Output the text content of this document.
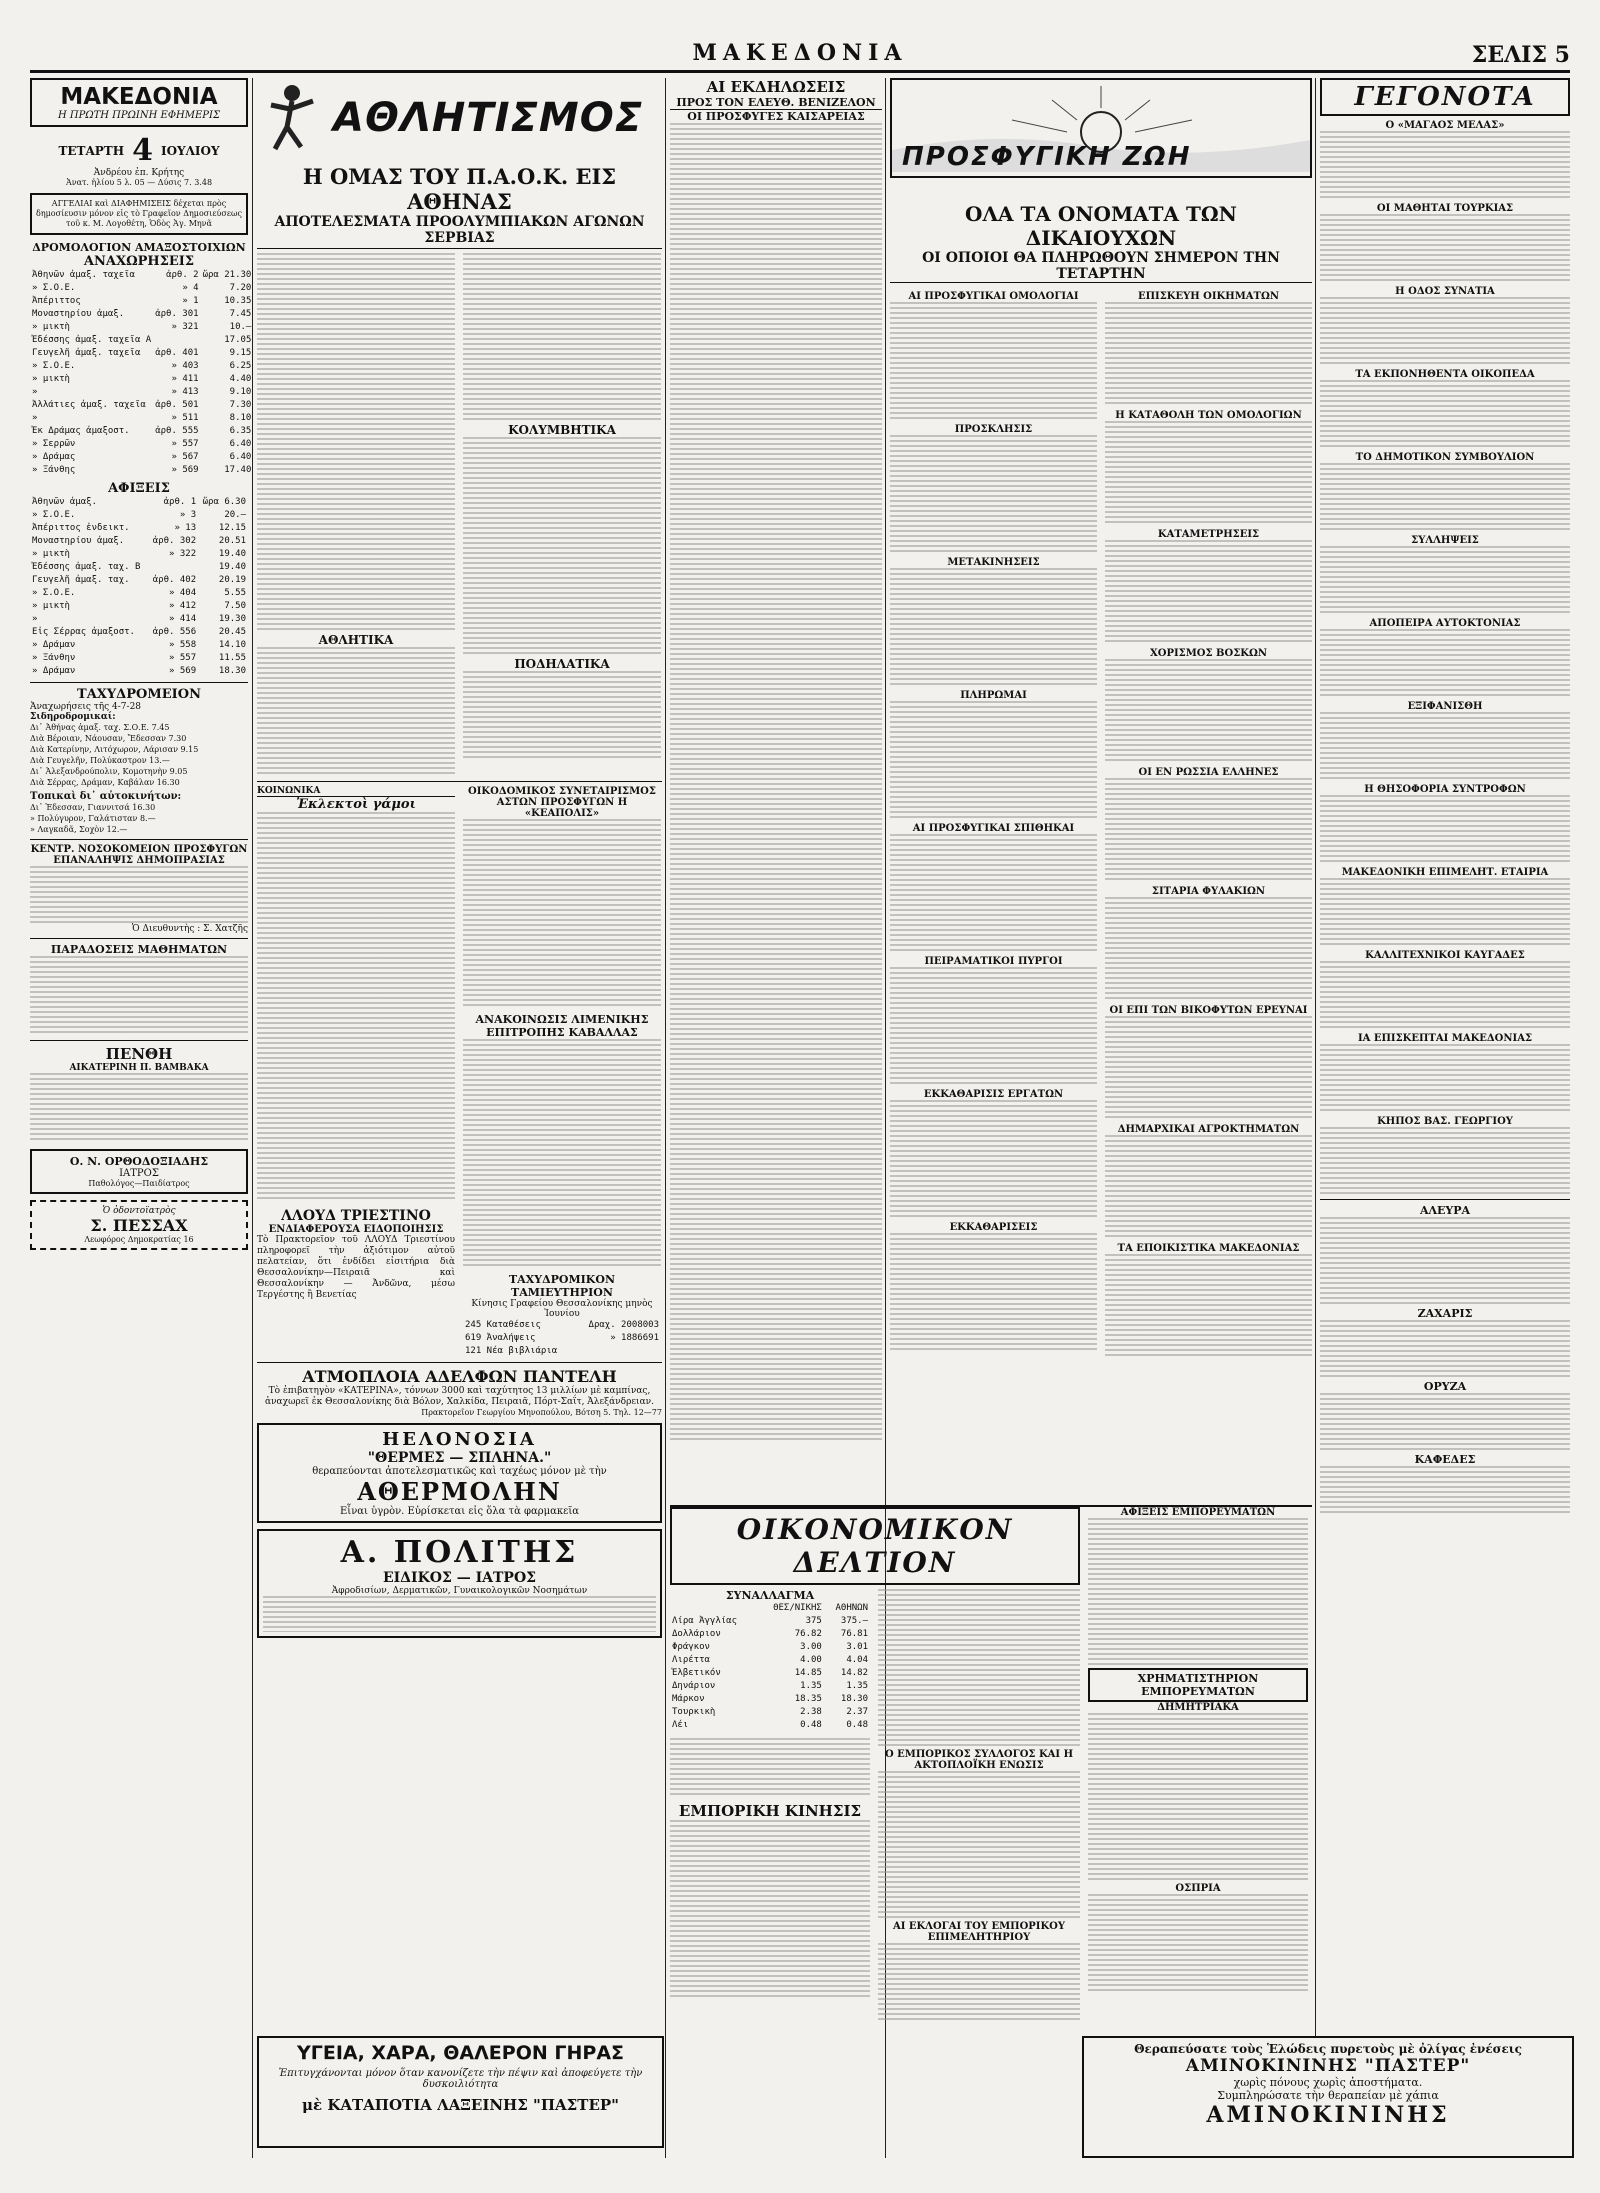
ΜΑΚΕΔΟΝΙΑ	ΣΕΛΙΣ 5
ΜΑΚΕΔΟΝΙΑ
Η ΠΡΩΤΗ ΠΡΩΙΝΗ ΕΦΗΜΕΡΙΣ
ΤΕΤΑΡΤΗ 4 ΙΟΥΛΙΟΥ
Ἀνδρέου ἐπ. Κρήτης
Ἀνατ. ἡλίου 5 λ. 05 — Δύσις 7. 3.48
ΑΓΓΕΛΙΑΙ καὶ ΔΙΑΦΗΜΙΣΕΙΣ δέχεται πρὸς δημοσίευσιν μόνον εἰς τὸ Γραφεῖον Δημοσιεύσεως τοῦ κ. Μ. Λογοθέτη, Ὁδὸς Ἁγ. Μηνᾶ
ΔΡΟΜΟΛΟΓΙΟΝ ΑΜΑΞΟΣΤΟΙΧΙΩΝ
ΑΝΑΧΩΡΗΣΕΙΣ
Ἀθηνῶν ἀμαξ. ταχεῖα	ἀρθ. 2	ὥρα 21.30
» Σ.Ο.Ε.	» 4	7.20
Ἀπέριττος	» 1	10.35
Μοναστηρίου ἀμαξ.	ἀρθ. 301	7.45
» μικτὴ	» 321	10.—
Ἐδέσσης ἀμαξ. ταχεῖα Α		17.05
Γευγελῆ ἀμαξ. ταχεῖα	ἀρθ. 401	9.15
» Σ.Ο.Ε.	» 403	6.25
» μικτὴ	» 411	4.40
»	» 413	9.10
Ἀλλάτιες ἀμαξ. ταχεῖα	ἀρθ. 501	7.30
»	» 511	8.10
Ἐκ Δράμας ἀμαξοστ.	ἀρθ. 555	6.35
» Σερρῶν	» 557	6.40
» Δράμας	» 567	6.40
» Ξάνθης	» 569	17.40
ΑΦΙΞΕΙΣ
Ἀθηνῶν ἀμαξ.	ἀρθ. 1	ὥρα 6.30
» Σ.Ο.Ε.	» 3	20.—
Ἀπέριττος ἐνδεικτ.	» 13	12.15
Μοναστηρίου ἀμαξ.	ἀρθ. 302	20.51
» μικτὴ	» 322	19.40
Ἐδέσσης ἀμαξ. ταχ. Β		19.40
Γευγελῆ ἀμαξ. ταχ.	ἀρθ. 402	20.19
» Σ.Ο.Ε.	» 404	5.55
» μικτὴ	» 412	7.50
»	» 414	19.30
Εἰς Σέρρας ἀμαξοστ.	ἀρθ. 556	20.45
» Δράμαν	» 558	14.10
» Ξάνθην	» 557	11.55
» Δράμαν	» 569	18.30
ΤΑΧΥΔΡΟΜΕΙΟΝ
Ἀναχωρήσεις τῆς 4-7-28
Σιδηροδρομικαί:
Δι᾽ Ἀθήνας ἀμαξ. ταχ. Σ.Ο.Ε. 7.45
Διὰ Βέροιαν, Νάουσαν, Ἔδεσσαν 7.30
Διὰ Κατερίνην, Λιτόχωρον, Λάρισαν 9.15
Διὰ Γευγελῆν, Πολύκαστρον 13.—
Δι᾽ Ἀλεξανδρούπολιν, Κομοτηνὴν 9.05
Διὰ Σέρρας, Δράμαν, Καβάλαν 16.30
Τοπικαὶ δι᾽ αὐτοκινήτων:
Δι᾽ Ἐδεσσαν, Γιαννιτσά 16.30
» Πολύγυρον, Γαλάτισταν 8.—
» Λαγκαδᾶ, Σοχὸν 12.—
ΚΕΝΤΡ. ΝΟΣΟΚΟΜΕΙΟΝ ΠΡΟΣΦΥΓΩΝ
ΕΠΑΝΑΛΗΨΙΣ ΔΗΜΟΠΡΑΣΙΑΣ
Ὁ Διευθυντὴς : Σ. Χατζῆς
ΠΑΡΑΔΟΣΕΙΣ ΜΑΘΗΜΑΤΩΝ
ΠΕΝΘΗ
ΑΙΚΑΤΕΡΙΝΗ Π. ΒΑΜΒΑΚΑ
Ο. Ν. ΟΡΘΟΔΟΞΙΑΔΗΣ
ΙΑΤΡΟΣ
Παθολόγος—Παιδίατρος
Ὁ ὀδοντοϊατρὸς
Σ. ΠΕΣΣΑΧ
Λεωφόρος Δημοκρατίας 16
ΑΘΛΗΤΙΣΜΟΣ
Η ΟΜΑΣ ΤΟΥ Π.Α.Ο.Κ. ΕΙΣ ΑΘΗΝΑΣ
ΑΠΟΤΕΛΕΣΜΑΤΑ ΠΡΟΟΛΥΜΠΙΑΚΩΝ ΑΓΩΝΩΝ ΣΕΡΒΙΑΣ
ΑΘΛΗΤΙΚΑ
ΚΟΛΥΜΒΗΤΙΚΑ
ΠΟΔΗΛΑΤΙΚΑ
ΚΟΙΝΩΝΙΚΑ
Ἐκλεκτοὶ γάμοι
ΛΛΟΥΔ ΤΡΙΕΣΤΙΝΟ
ΕΝΔΙΑΦΕΡΟΥΣΑ ΕΙΔΟΠΟΙΗΣΙΣ
Τὸ Πρακτορεῖον τοῦ ΛΛΟΥΔ Τριεστίνου πληροφορεῖ τὴν ἀξιότιμον αὐτοῦ πελατείαν, ὅτι ἐνδίδει εἰσιτήρια διὰ Θεσσαλονίκην—Πειραιᾶ καὶ Θεσσαλονίκην — Ἀνδῶνα, μέσω Τεργέστης ἢ Βενετίας
ΟΙΚΟΔΟΜΙΚΟΣ ΣΥΝΕΤΑΙΡΙΣΜΟΣ ΑΣΤΩΝ ΠΡΟΣΦΥΓΩΝ Η «ΚΕΑΠΟΛΙΣ»
ΑΝΑΚΟΙΝΩΣΙΣ ΛΙΜΕΝΙΚΗΣ
ΕΠΙΤΡΟΠΗΣ ΚΑΒΑΛΛΑΣ
ΤΑΧΥΔΡΟΜΙΚΟΝ ΤΑΜΙΕΥΤΗΡΙΟΝ
Κίνησις Γραφείου Θεσσαλονίκης μηνὸς Ἰουνίου
245 Καταθέσεις	Δραχ. 2008003
619 Ἀναλήψεις	» 1886691
121 Νέα βιβλιάρια	
ΑΤΜΟΠΛΟΙΑ ΑΔΕΛΦΩΝ ΠΑΝΤΕΛΗ
Τὸ ἐπιβατηγὸν «ΚΑΤΕΡΙΝΑ», τόννων 3000 καὶ ταχύτητος 13 μιλλίων μὲ καμπίνας, ἀναχωρεῖ ἐκ Θεσσαλονίκης διὰ Βόλον, Χαλκίδα, Πειραιᾶ, Πόρτ-Σαΐτ, Ἀλεξάνδρειαν.
Πρακτορεῖον Γεωργίου Μηνοπούλου, Βότση 5. Τηλ. 12—77
ΗΕΛΟΝΟΣΙΑ
"ΘΕΡΜΕΣ — ΣΠΛΗΝΑ."
θεραπεύονται ἀποτελεσματικῶς καὶ ταχέως μόνον μὲ τὴν
ΑΘΕΡΜΟΛΗΝ
Εἶναι ὑγρὸν. Εὑρίσκεται εἰς ὅλα τὰ φαρμακεῖα
Α. ΠΟΛΙΤΗΣ
ΕΙΔΙΚΟΣ — ΙΑΤΡΟΣ
Ἀφροδισίων, Δερματικῶν, Γυναικολογικῶν Νοσημάτων
ΥΓΕΙΑ, ΧΑΡΑ, ΘΑΛΕΡΟΝ ΓΗΡΑΣ
Ἐπιτυγχάνονται μόνον ὅταν κανονίζετε τὴν πέψιν καὶ ἀποφεύγετε τὴν δυσκοιλιότητα
μὲ ΚΑΤΑΠΟΤΙΑ ΛΑΞΕΙΝΗΣ "ΠΑΣΤΕΡ"
ΑΙ ΕΚΔΗΛΩΣΕΙΣ
ΠΡΟΣ ΤΟΝ ΕΛΕΥΘ. ΒΕΝΙΖΕΛΟΝ
ΟΙ ΠΡΟΣΦΥΓΕΣ ΚΑΙΣΑΡΕΙΑΣ
ΠΡΟΣΦΥΓΙΚΗ ΖΩΗ
ΟΛΑ ΤΑ ΟΝΟΜΑΤΑ ΤΩΝ ΔΙΚΑΙΟΥΧΩΝ
ΟΙ ΟΠΟΙΟΙ ΘΑ ΠΛΗΡΩΘΟΥΝ ΣΗΜΕΡΟΝ ΤΗΝ ΤΕΤΑΡΤΗΝ
ΑΙ ΠΡΟΣΦΥΓΙΚΑΙ ΟΜΟΛΟΓΙΑΙ
ΠΡΟΣΚΛΗΣΙΣ
ΜΕΤΑΚΙΝΗΣΕΙΣ
ΠΛΗΡΩΜΑΙ
ΑΙ ΠΡΟΣΦΥΓΙΚΑΙ ΣΠΙΘΗΚΑΙ
ΠΕΙΡΑΜΑΤΙΚΟΙ ΠΥΡΓΟΙ
ΕΚΚΑΘΑΡΙΣΙΣ ΕΡΓΑΤΩΝ
ΕΚΚΑΘΑΡΙΣΕΙΣ
ΕΠΙΣΚΕΥΗ ΟΙΚΗΜΑΤΩΝ
Η ΚΑΤΑΘΟΛΗ ΤΩΝ ΟΜΟΛΟΓΙΩΝ
ΚΑΤΑΜΕΤΡΗΣΕΙΣ
ΧΟΡΙΣΜΟΣ ΒΟΣΚΩΝ
ΟΙ ΕΝ ΡΩΣΣΙΑ ΕΛΛΗΝΕΣ
ΣΙΤΑΡΙΑ ΦΥΛΑΚΙΩΝ
ΟΙ ΕΠΙ ΤΩΝ ΒΙΚΟΦΥΤΩΝ ΕΡΕΥΝΑΙ
ΔΗΜΑΡΧΙΚΑΙ ΑΓΡΟΚΤΗΜΑΤΩΝ
ΤΑ ΕΠΟΙΚΙΣΤΙΚΑ ΜΑΚΕΔΟΝΙΑΣ
ΟΙΚΟΝΟΜΙΚΟΝ ΔΕΛΤΙΟΝ
ΣΥΝΑΛΛΑΓΜΑ
	ΘΕΣ/ΝΙΚΗΣ	ΑΘΗΝΩΝ
Λίρα Ἀγγλίας	375	375.—
Δολλάριον	76.82	76.81
Φράγκον	3.00	3.01
Λιρέττα	4.00	4.04
Ἑλβετικόν	14.85	14.82
Δηνάριον	1.35	1.35
Μάρκον	18.35	18.30
Τουρκικὴ	2.38	2.37
Λέι	0.48	0.48
ΕΜΠΟΡΙΚΗ ΚΙΝΗΣΙΣ
Ο ΕΜΠΟΡΙΚΟΣ ΣΥΛΛΟΓΟΣ ΚΑΙ Η ΑΚΤΟΠΛΟΪΚΗ ΕΝΩΣΙΣ
ΑΙ ΕΚΛΟΓΑΙ ΤΟΥ ΕΜΠΟΡΙΚΟΥ ΕΠΙΜΕΛΗΤΗΡΙΟΥ
ΑΦΙΞΕΙΣ ΕΜΠΟΡΕΥΜΑΤΩΝ
ΧΡΗΜΑΤΙΣΤΗΡΙΟΝ ΕΜΠΟΡΕΥΜΑΤΩΝ
ΔΗΜΗΤΡΙΑΚΑ
ΟΣΠΡΙΑ
ΓΕΓΟΝΟΤΑ
Ο «ΜΑΓΑΟΣ ΜΕΛΑΣ»
ΟΙ ΜΑΘΗΤΑΙ ΤΟΥΡΚΙΑΣ
Η ΟΔΟΣ ΣΥΝΑΤΙΑ
ΤΑ ΕΚΠΟΝΗΘΕΝΤΑ ΟΙΚΟΠΕΔΑ
ΤΟ ΔΗΜΟΤΙΚΟΝ ΣΥΜΒΟΥΛΙΟΝ
ΣΥΛΛΗΨΕΙΣ
ΑΠΟΠΕΙΡΑ ΑΥΤΟΚΤΟΝΙΑΣ
ΕΞΙΦΑΝΙΣΘΗ
Η ΘΗΣΟΦΟΡΙΑ ΣΥΝΤΡΟΦΩΝ
ΜΑΚΕΔΟΝΙΚΗ ΕΠΙΜΕΛΗΤ. ΕΤΑΙΡΙΑ
ΚΑΛΛΙΤΕΧΝΙΚΟΙ ΚΑΥΓΑΔΕΣ
ΙΑ ΕΠΙΣΚΕΠΤΑΙ ΜΑΚΕΔΟΝΙΑΣ
ΚΗΠΟΣ ΒΑΣ. ΓΕΩΡΓΙΟΥ
ΑΛΕΥΡΑ
ΖΑΧΑΡΙΣ
ΟΡΥΖΑ
ΚΑΦΕΔΕΣ
Θεραπεύσατε τοὺς Ἑλώδεις πυρετοὺς μὲ ὀλίγας ἐνέσεις
ΑΜΙΝΟΚΙΝΙΝΗΣ "ΠΑΣΤΕΡ"
χωρὶς πόνους χωρὶς ἀποστήματα.
Συμπληρώσατε τὴν θεραπείαν μὲ χάπια
ΑΜΙΝΟΚΙΝΙΝΗΣ
